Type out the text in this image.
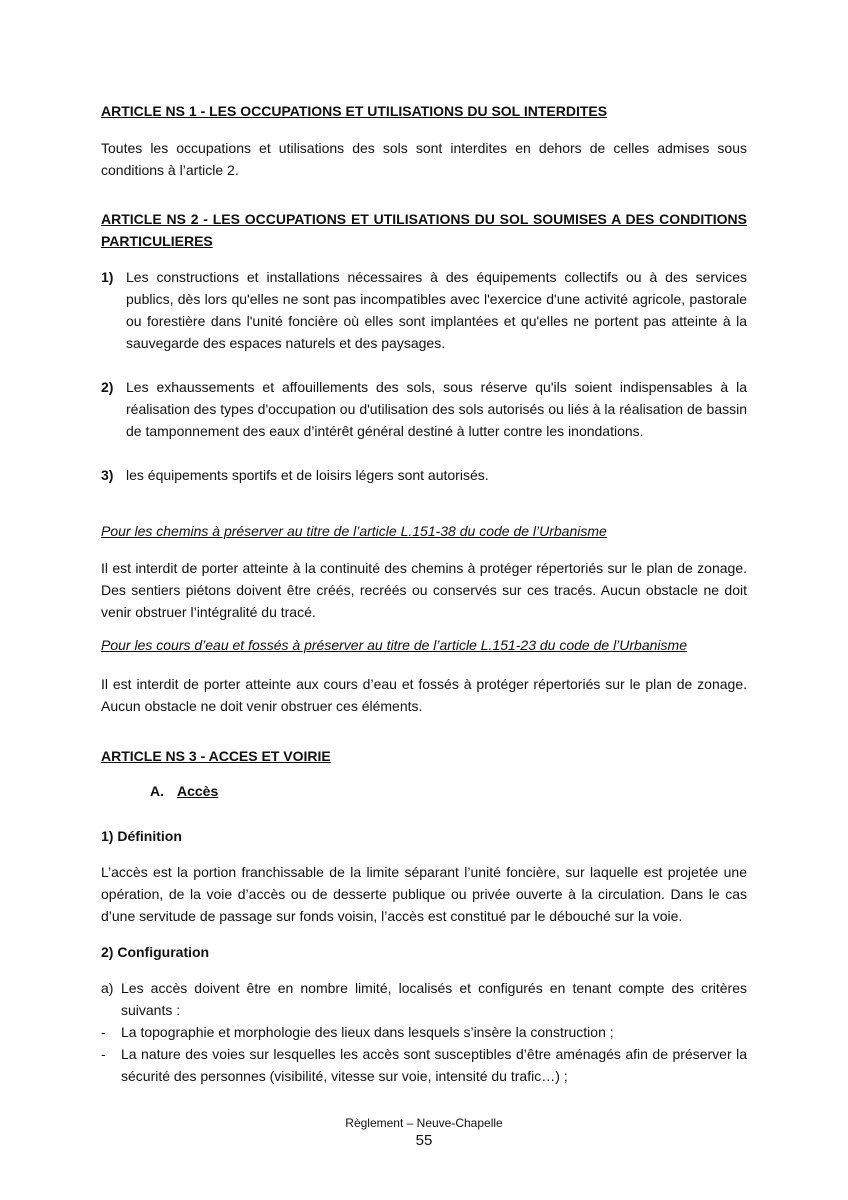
ARTICLE NS 1 - LES OCCUPATIONS ET UTILISATIONS DU SOL INTERDITES
Toutes les occupations et utilisations des sols sont interdites en dehors de celles admises sous conditions à l’article 2.
ARTICLE NS 2 - LES OCCUPATIONS ET UTILISATIONS DU SOL SOUMISES A DES CONDITIONS PARTICULIERES
1) Les constructions et installations nécessaires à des équipements collectifs ou à des services publics, dès lors qu'elles ne sont pas incompatibles avec l'exercice d'une activité agricole, pastorale ou forestière dans l'unité foncière où elles sont implantées et qu'elles ne portent pas atteinte à la sauvegarde des espaces naturels et des paysages.
2) Les exhaussements et affouillements des sols, sous réserve qu'ils soient indispensables à la réalisation des types d'occupation ou d'utilisation des sols autorisés ou liés à la réalisation de bassin de tamponnement des eaux d’intérêt général destiné à lutter contre les inondations.
3) les équipements sportifs et de loisirs légers sont autorisés.
Pour les chemins à préserver au titre de l’article L.151-38 du code de l’Urbanisme
Il est interdit de porter atteinte à la continuité des chemins à protéger répertoriés sur le plan de zonage. Des sentiers piétons doivent être créés, recréés ou conservés sur ces tracés. Aucun obstacle ne doit venir obstruer l’intégralité du tracé.
Pour les cours d’eau et fossés à préserver au titre de l’article L.151-23 du code de l’Urbanisme
Il est interdit de porter atteinte aux cours d’eau et fossés à protéger répertoriés sur le plan de zonage. Aucun obstacle ne doit venir obstruer ces éléments.
ARTICLE NS 3 - ACCES ET VOIRIE
A. Accès
1) Définition
L’accès est la portion franchissable de la limite séparant l’unité foncière, sur laquelle est projetée une opération, de la voie d’accès ou de desserte publique ou privée ouverte à la circulation. Dans le cas d’une servitude de passage sur fonds voisin, l’accès est constitué par le débouché sur la voie.
2) Configuration
a) Les accès doivent être en nombre limité, localisés et configurés en tenant compte des critères suivants :
- La topographie et morphologie des lieux dans lesquels s’insère la construction ;
- La nature des voies sur lesquelles les accès sont susceptibles d’être aménagés afin de préserver la sécurité des personnes (visibilité, vitesse sur voie, intensité du trafic…) ;
Règlement – Neuve-Chapelle
55
